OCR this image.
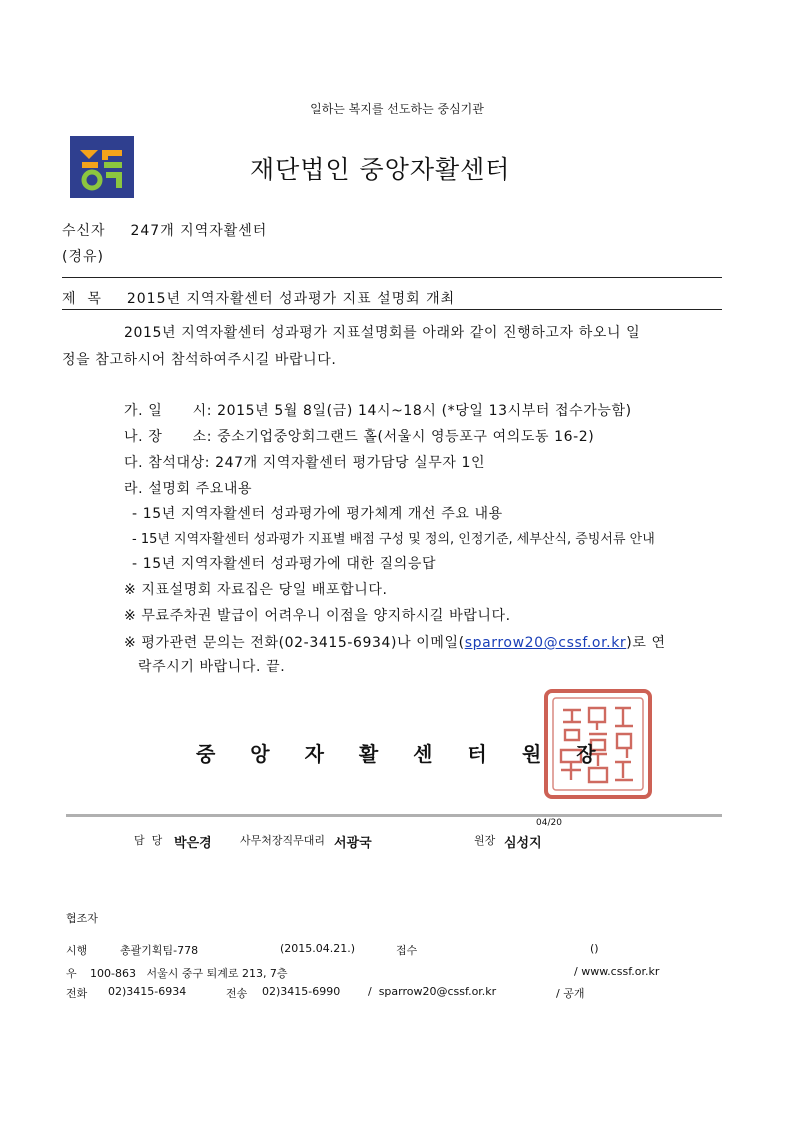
일하는 복지를 선도하는 중심기관
재단법인 중앙자활센터
수신자 247개 지역자활센터
(경유)
제  목 2015년 지역자활센터 성과평가 지표 설명회 개최
2015년 지역자활센터 성과평가 지표설명회를 아래와 같이 진행하고자 하오니 일
정을 참고하시어 참석하여주시길 바랍니다.
가. 일      시: 2015년 5월 8일(금) 14시~18시 (*당일 13시부터 접수가능함)
나. 장      소: 중소기업중앙회그랜드 홀(서울시 영등포구 여의도동 16-2)
다. 참석대상: 247개 지역자활센터 평가담당 실무자 1인
라. 설명회 주요내용
- 15년 지역자활센터 성과평가에 평가체계 개선 주요 내용
- 15년 지역자활센터 성과평가 지표별 배점 구성 및 정의, 인정기준, 세부산식, 증빙서류 안내
- 15년 지역자활센터 성과평가에 대한 질의응답
※ 지표설명회 자료집은 당일 배포합니다.
※ 무료주차권 발급이 어려우니 이점을 양지하시길 바랍니다.
※ 평가관련 문의는 전화(02-3415-6934)나 이메일(sparrow20@cssf.or.kr)로 연
락주시기 바랍니다. 끝.
중 앙 자 활 센 터 원 장
담  당 박은경	사무처장직무대리 서광국
04/20
원장 심성지
협조자
시행	총괄기획팀-778	(2015.04.21.)	접수	()
우 100-863   서울시 중구 퇴계로 213, 7층	/ www.cssf.or.kr
전화 02)3415-6934	전송 02)3415-6990	/  sparrow20@cssf.or.kr	/ 공개
